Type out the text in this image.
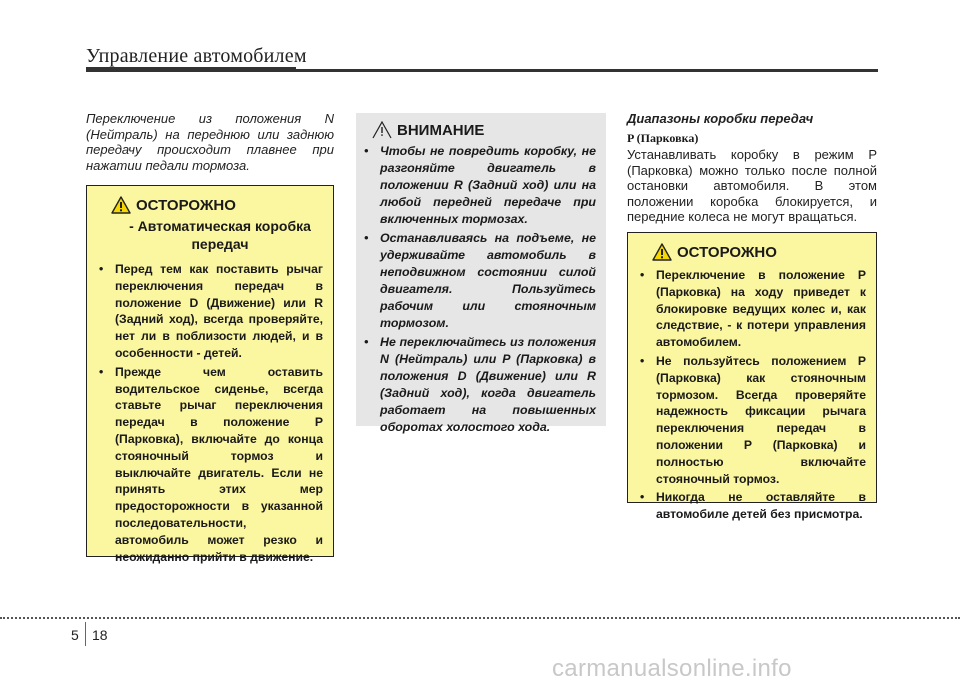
Управление автомобилем
Переключение из положения N (Нейтраль) на переднюю или заднюю передачу происходит плавнее при нажатии педали тормоза.
ОСТОРОЖНО
- Автоматическая коробка передач
• Перед тем как поставить рычаг переключения передач в положение D (Движение) или R (Задний ход), всегда проверяйте, нет ли в поблизости людей, и в особенности - детей.
• Прежде чем оставить водительское сиденье, всегда ставьте рычаг переключения передач в положение P (Парковка), включайте до конца стояночный тормоз и выключайте двигатель. Если не принять этих мер предосторожности в указанной последовательности, автомобиль может резко и неожиданно прийти в движение.
ВНИМАНИЕ
• Чтобы не повредить коробку, не разгоняйте двигатель в положении R (Задний ход) или на любой передней передаче при включенных тормозах.
• Останавливаясь на подъеме, не удерживайте автомобиль в неподвижном состоянии силой двигателя. Пользуйтесь рабочим или стояночным тормозом.
• Не переключайтесь из положения N (Нейтраль) или P (Парковка) в положения D (Движение) или R (Задний ход), когда двигатель работает на повышенных оборотах холостого хода.
Диапазоны коробки передач
P (Парковка)
Устанавливать коробку в режим P (Парковка) можно только после полной остановки автомобиля. В этом положении коробка блокируется, и передние колеса не могут вращаться.
ОСТОРОЖНО
• Переключение в положение P (Парковка) на ходу приведет к блокировке ведущих колес и, как следствие, - к потери управления автомобилем.
• Не пользуйтесь положением P (Парковка) как стояночным тормозом. Всегда проверяйте надежность фиксации рычага переключения передач в положении P (Парковка) и полностью включайте стояночный тормоз.
• Никогда не оставляйте в автомобиле детей без присмотра.
5 18
carmanualsonline.info
